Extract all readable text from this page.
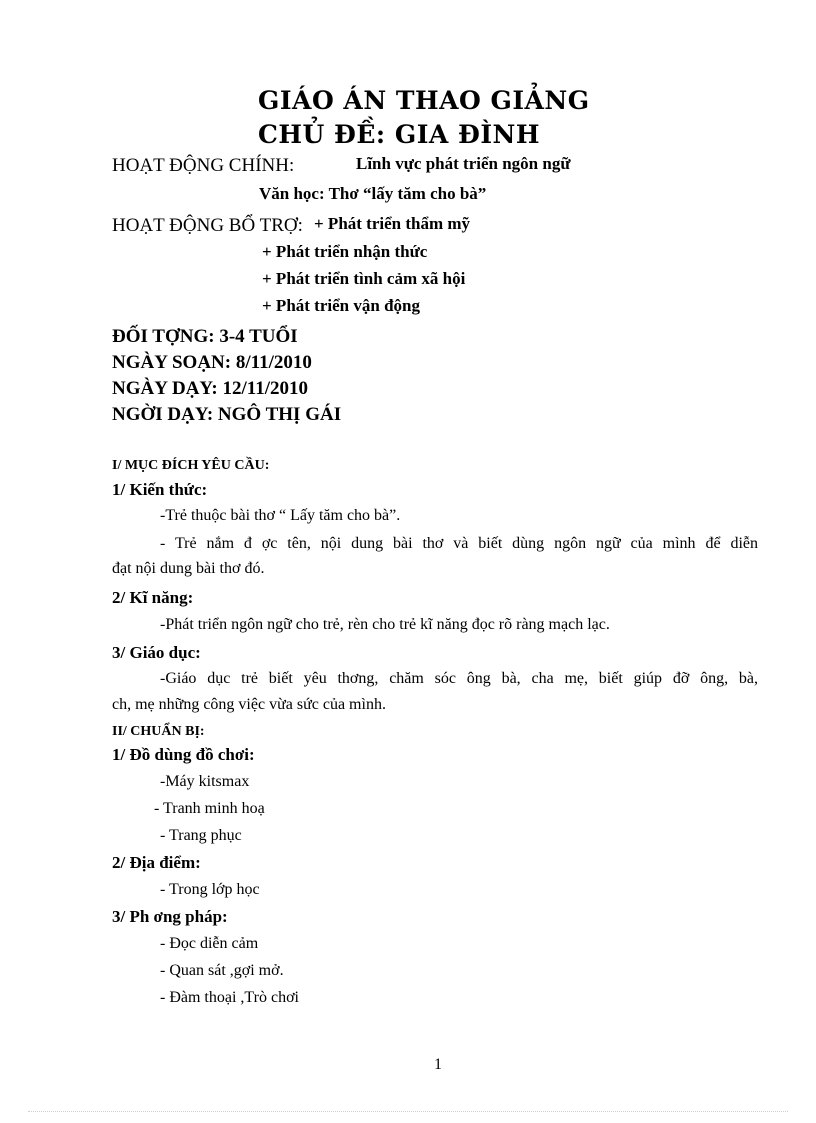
GIÁO ÁN THAO GIẢNG
CHỦ ĐỀ: GIA ĐÌNH
HOẠT ĐỘNG CHÍNH:	Lĩnh vực phát triển ngôn ngữ
Văn học: Thơ “lấy tăm cho bà”
HOẠT ĐỘNG BỔ TRỢ: + Phát triển thẩm mỹ
+ Phát triển nhận thức
+ Phát triển tình cảm xã hội
+ Phát triển vận động
ĐỐI TỢNG: 3-4 TUỔI
NGÀY SOẠN: 8/11/2010
NGÀY DẠY: 12/11/2010
NGỜI DẠY: NGÔ THỊ GÁI
I/ MỤC ĐÍCH YÊU CẦU:
1/ Kiến thức:
-Trẻ thuộc bài thơ “ Lấy tăm cho bà”.
- Trẻ nắm đ ợc tên, nội dung bài thơ và biết dùng ngôn ngữ của mình để diễn
đạt nội dung bài thơ đó.
2/ Kĩ năng:
-Phát triển ngôn ngữ cho trẻ, rèn cho trẻ kĩ năng đọc rõ ràng mạch lạc.
3/ Giáo dục:
-Giáo dục trẻ biết yêu thơng, chăm sóc ông bà, cha mẹ, biết giúp đỡ ông, bà,
ch, mẹ những công việc vừa sức của mình.
II/ CHUẨN BỊ:
1/ Đồ dùng đồ chơi:
-Máy kitsmax
- Tranh minh hoạ
- Trang phục
2/ Địa điểm:
- Trong lớp học
3/ Ph ơng pháp:
- Đọc diễn cảm
- Quan sát ,gợi mở.
- Đàm thoại ,Trò chơi
1
